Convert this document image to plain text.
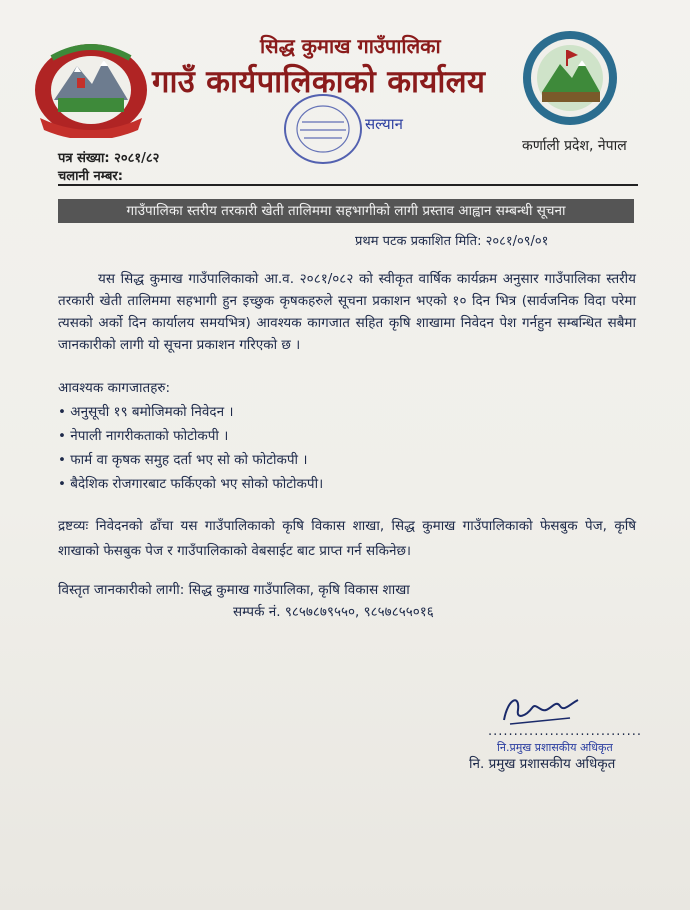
सिद्ध कुमाख गाउँपालिका
गाउँ कार्यपालिकाको कार्यालय
सल्यान
कर्णाली प्रदेश, नेपाल
पत्र संख्या: २०८१/८२
चलानी नम्बर:
गाउँपालिका स्तरीय तरकारी खेती तालिममा सहभागीको लागी प्रस्ताव आह्वान सम्बन्धी सूचना
प्रथम पटक प्रकाशित मिति: २०८१/०९/०१
यस सिद्ध कुमाख गाउँपालिकाको आ.व. २०८१/०८२ को स्वीकृत वार्षिक कार्यक्रम अनुसार गाउँपालिका स्तरीय तरकारी खेती तालिममा सहभागी हुन इच्छुक कृषकहरुले सूचना प्रकाशन भएको १० दिन भित्र (सार्वजनिक विदा परेमा त्यसको अर्को दिन कार्यालय समयभित्र) आवश्यक कागजात सहित कृषि शाखामा निवेदन पेश गर्नहुन सम्बन्धित सबैमा जानकारीको लागी यो सूचना प्रकाशन गरिएको छ ।
आवश्यक कागजातहरु:
• अनुसूची १९ बमोजिमको निवेदन ।
• नेपाली नागरीकताको फोटोकपी ।
• फार्म वा कृषक समुह दर्ता भए सो को फोटोकपी ।
• बैदेशिक रोजगारबाट फर्किएको भए सोको फोटोकपी।
द्रष्टव्यः निवेदनको ढाँचा यस गाउँपालिकाको कृषि विकास शाखा, सिद्ध कुमाख गाउँपालिकाको फेसबुक पेज, कृषि शाखाको फेसबुक पेज र गाउँपालिकाको वेबसाईट बाट प्राप्त गर्न सकिनेछ।
विस्तृत जानकारीको लागी: सिद्ध कुमाख गाउँपालिका, कृषि विकास शाखा
सम्पर्क नं. ९८५७८७९५५०, ९८५७८५५०१६
..............................
नि.प्रमुख प्रशासकीय अधिकृत
नि. प्रमुख प्रशासकीय अधिकृत
